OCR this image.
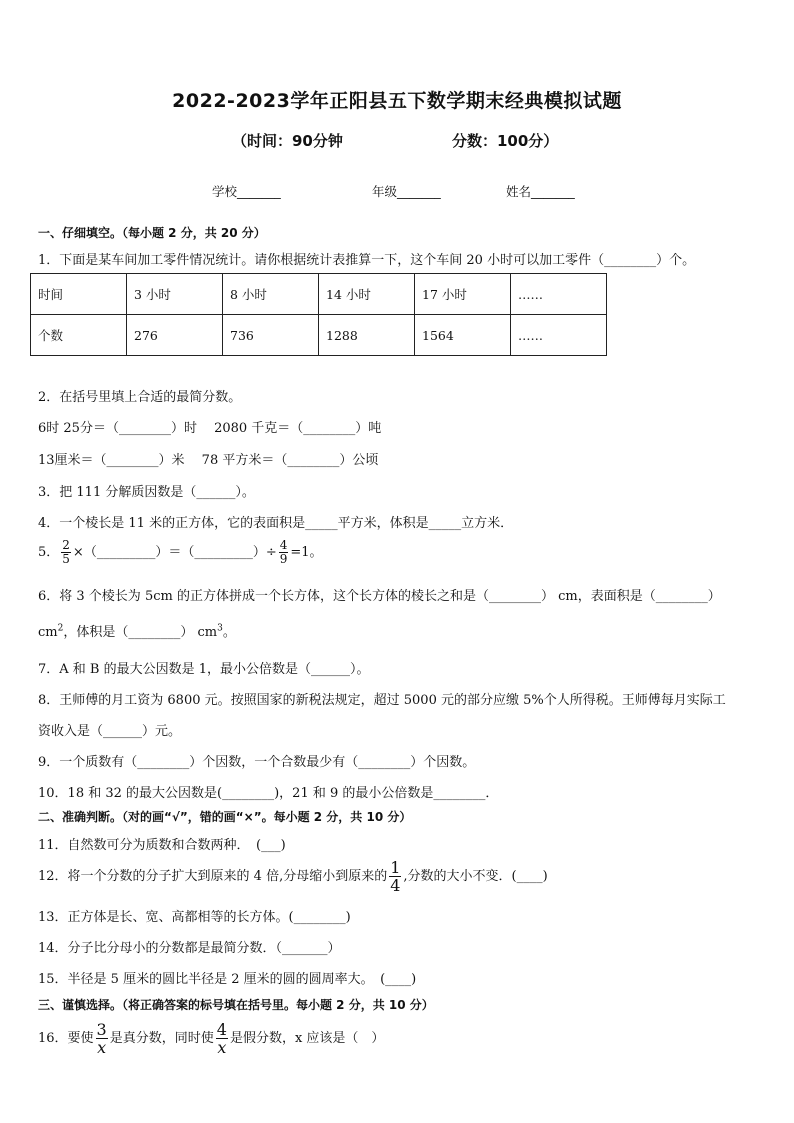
2022-2023学年正阳县五下数学期末经典模拟试题
（时间：90分钟	分数：100分）
学校_______	年级_______	姓名_______
一、仔细填空。（每小题 2 分，共 20 分）
1．下面是某车间加工零件情况统计。请你根据统计表推算一下，这个车间 20 小时可以加工零件（________）个。
时间	3 小时	8 小时	14 小时	17 小时	……
个数	276	736	1288	1564	……
2．在括号里填上合适的最简分数。
6时 25分＝（________）时　 2080 千克＝（________）吨
13厘米＝（________）米　 78 平方米＝（________）公顷
3．把 111 分解质因数是（______）。
4．一个棱长是 11 米的正方体，它的表面积是_____平方米，体积是_____立方米．
5． $\frac{2}{5}$ ×（_________）＝（_________）÷ $\frac{4}{9} =1$。
6．将 3 个棱长为 5cm 的正方体拼成一个长方体，这个长方体的棱长之和是（________） cm，表面积是（________）
$cm^2$，体积是（________） $cm^3$。
7．A 和 B 的最大公因数是 1，最小公倍数是（______）。
8．王师傅的月工资为 6800 元。按照国家的新税法规定，超过 5000 元的部分应缴 5%个人所得税。王师傅每月实际工
资收入是（______）元。
9．一个质数有（________）个因数，一个合数最少有（________）个因数。
10．18 和 32 的最大公因数是(________)，21 和 9 的最小公倍数是________．
二、准确判断。（对的画“√”，错的画“×”。每小题 2 分，共 10 分）
11．自然数可分为质数和合数两种．　(___)
12．将一个分数的分子扩大到原来的 4 倍,分母缩小到原来的 $\frac{1}{4}$ ,分数的大小不变．(____)
13．正方体是长、宽、高都相等的长方体。(________)
14．分子比分母小的分数都是最简分数．（_______）
15．半径是 5 厘米的圆比半径是 2 厘米的圆的圆周率大。　(____)
三、谨慎选择。（将正确答案的标号填在括号里。每小题 2 分，共 10 分）
16．要使 $\frac{3}{x}$ 是真分数，同时使 $\frac{4}{x}$ 是假分数，x 应该是（　）
